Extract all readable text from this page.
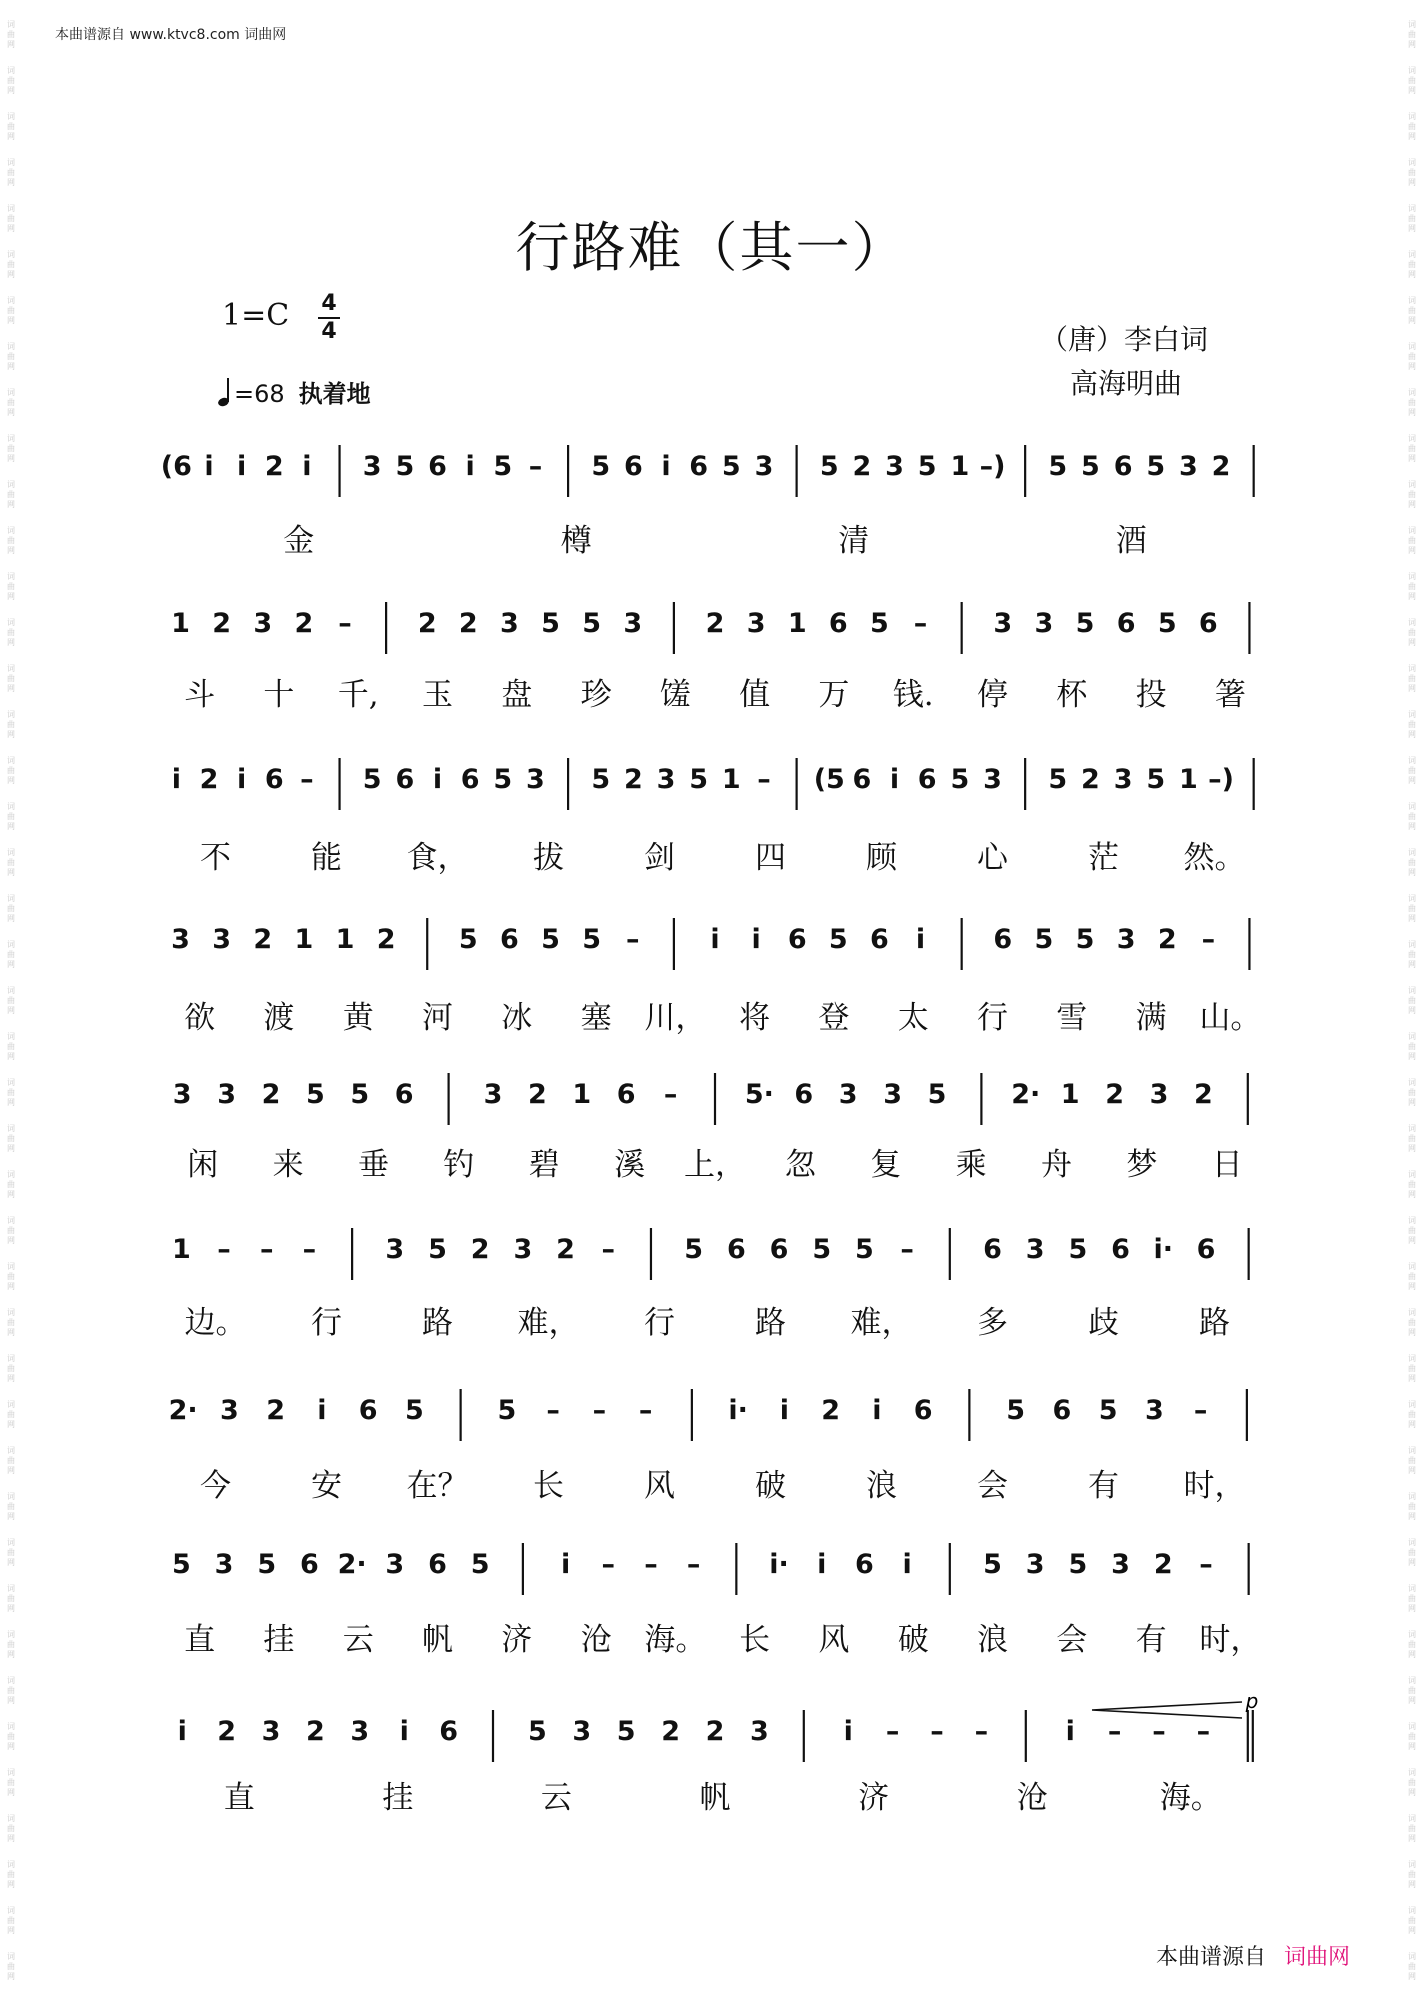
词
曲
网
词
曲
网
词
曲
网
词
曲
网
词
曲
网
词
曲
网
词
曲
网
词
曲
网
词
曲
网
词
曲
网
词
曲
网
词
曲
网
词
曲
网
词
曲
网
词
曲
网
词
曲
网
词
曲
网
词
曲
网
词
曲
网
词
曲
网
词
曲
网
词
曲
网
词
曲
网
词
曲
网
词
曲
网
词
曲
网
词
曲
网
词
曲
网
词
曲
网
词
曲
网
词
曲
网
词
曲
网
词
曲
网
词
曲
网
词
曲
网
词
曲
网
词
曲
网
词
曲
网
词
曲
网
词
曲
网
词
曲
网
词
曲
网
词
曲
网
词
曲
网
词
曲
网
词
曲
网
词
曲
网
词
曲
网
词
曲
网
词
曲
网
词
曲
网
词
曲
网
词
曲
网
词
曲
网
词
曲
网
词
曲
网
词
曲
网
词
曲
网
词
曲
网
词
曲
网
词
曲
网
词
曲
网
词
曲
网
词
曲
网
词
曲
网
词
曲
网
词
曲
网
词
曲
网
词
曲
网
词
曲
网
词
曲
网
词
曲
网
词
曲
网
词
曲
网
词
曲
网
词
曲
网
词
曲
网
词
曲
网
词
曲
网
词
曲
网
词
曲
网
词
曲
网
词
曲
网
词
曲
网
词
曲
网
词
曲
网
本曲谱源自 www.ktvc8.com 词曲网
行路难（其一）
1=C 4
4
=68 执着地
（唐）李白词
高海明曲
(6 i i 2 i 3 5 6 i 5 – 5 6 i 6 5 3 5 2 3 5 1 –) 5 5 6 5 3 2
金	樽	清	酒
1 2 3 2 – 2 2 3 5 5 3 2 3 1 6 5 – 3 3 5 6 5 6
斗 十 千, 玉 盘 珍 馐 值 万 钱. 停 杯 投 箸
i 2 i 6 – 5 6 i 6 5 3 5 2 3 5 1 – (5 6 i 6 5 3 5 2 3 5 1 –)
不	能 食， 拔	剑	四	顾	心	茫 然。
3 3 2 1 1 2 5 6 5 5 –	i i 6 5 6 i	6 5 5 3 2 –
欲 渡 黄 河 冰 塞 川， 将 登 太 行 雪 满 山。
3 3 2 5 5 6	3 2 1 6 –	5· 6 3 3 5 2· 1 2 3 2
闲 来 垂 钓 碧 溪 上， 忽 复 乘 舟 梦 日
1 – – –	3 5 2 3 2 –	5 6 6 5 5 –	6 3 5 6 i· 6
边。 行	路 难， 行	路 难， 多	歧	路
2· 3 2 i 6 5	5 – – –	i· i 2 i 6	5 6 5 3 –
今	安 在？ 长	风	破	浪	会	有 时，
5 3 5 6 2· 3 6 5	i – – –	i· i 6 i	5 3 5 3 2 –
直 挂 云 帆 济 沧 海。 长 风 破 浪 会 有 时，
i 2 3 2 3 i 6	5 3 5 2 2 3	i – – –	i – – –
p
直	挂	云	帆	济	沧	海。
本曲谱源自 词曲网
